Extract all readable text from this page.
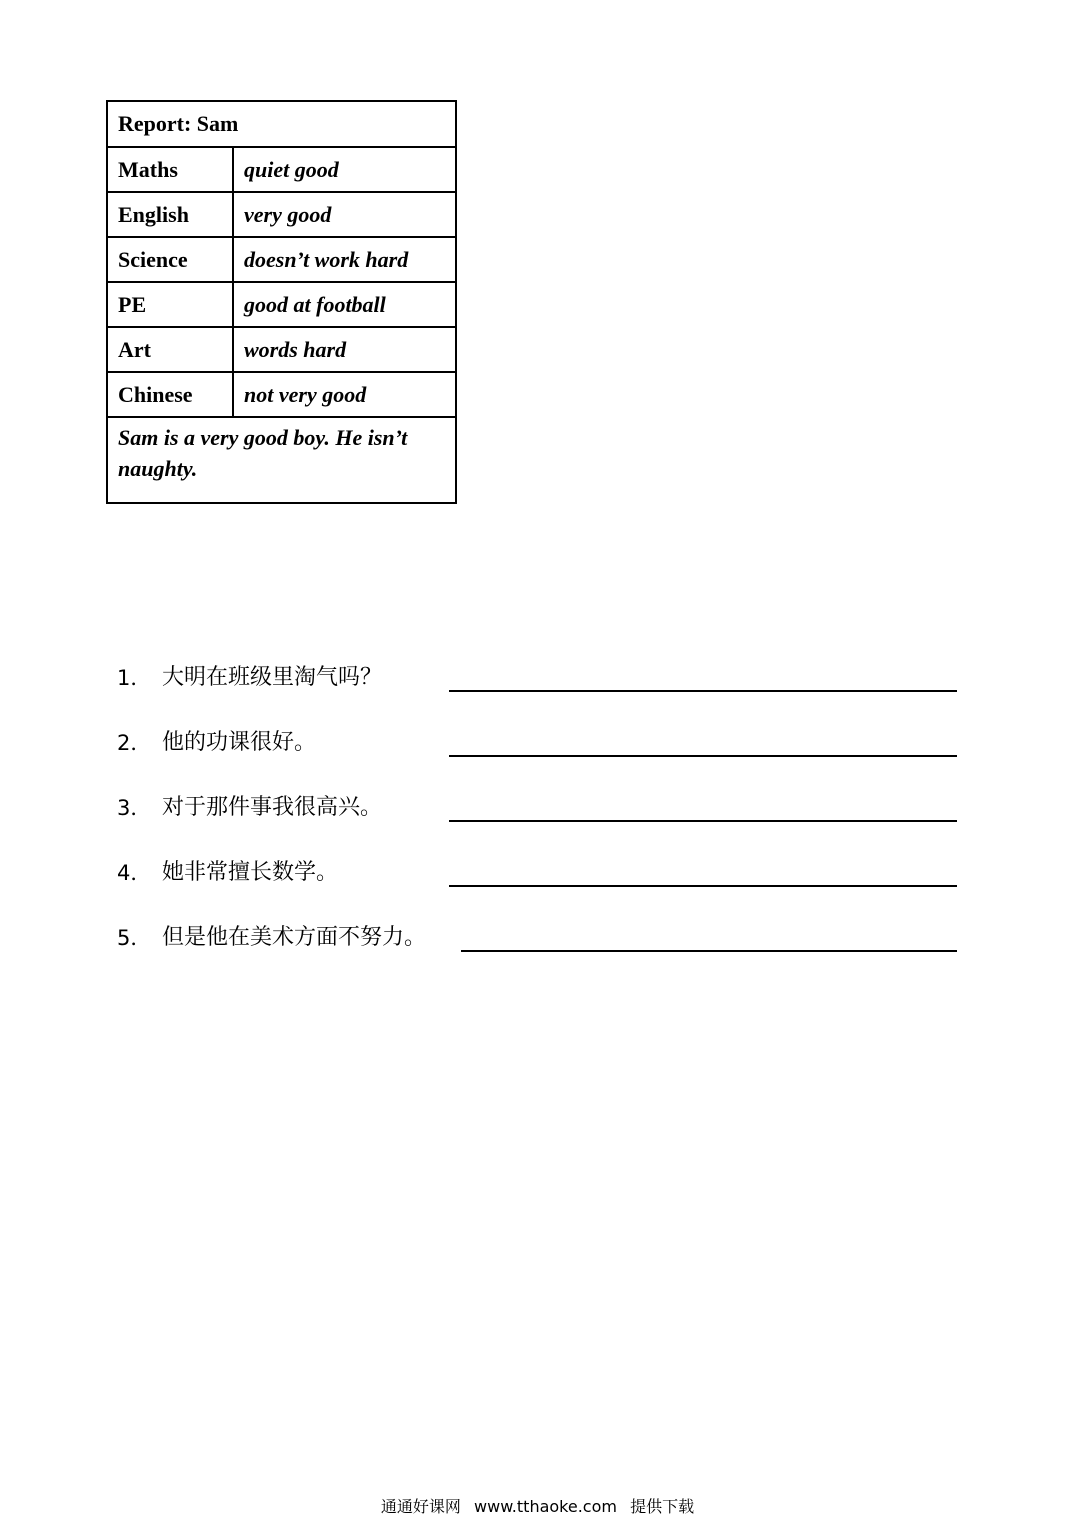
Report: Sam	
Maths	quiet good
English	very good
Science	doesn’t work hard
PE	good at football
Art	words hard
Chinese	not very good
Sam is a very good boy. He isn’t naughty.	
1． 大明在班级里淘气吗？
2． 他的功课很好。
3． 对于那件事我很高兴。
4． 她非常擅长数学。
5． 但是他在美术方面不努力。
通通好课网 www.tthaoke.com 提供下载
